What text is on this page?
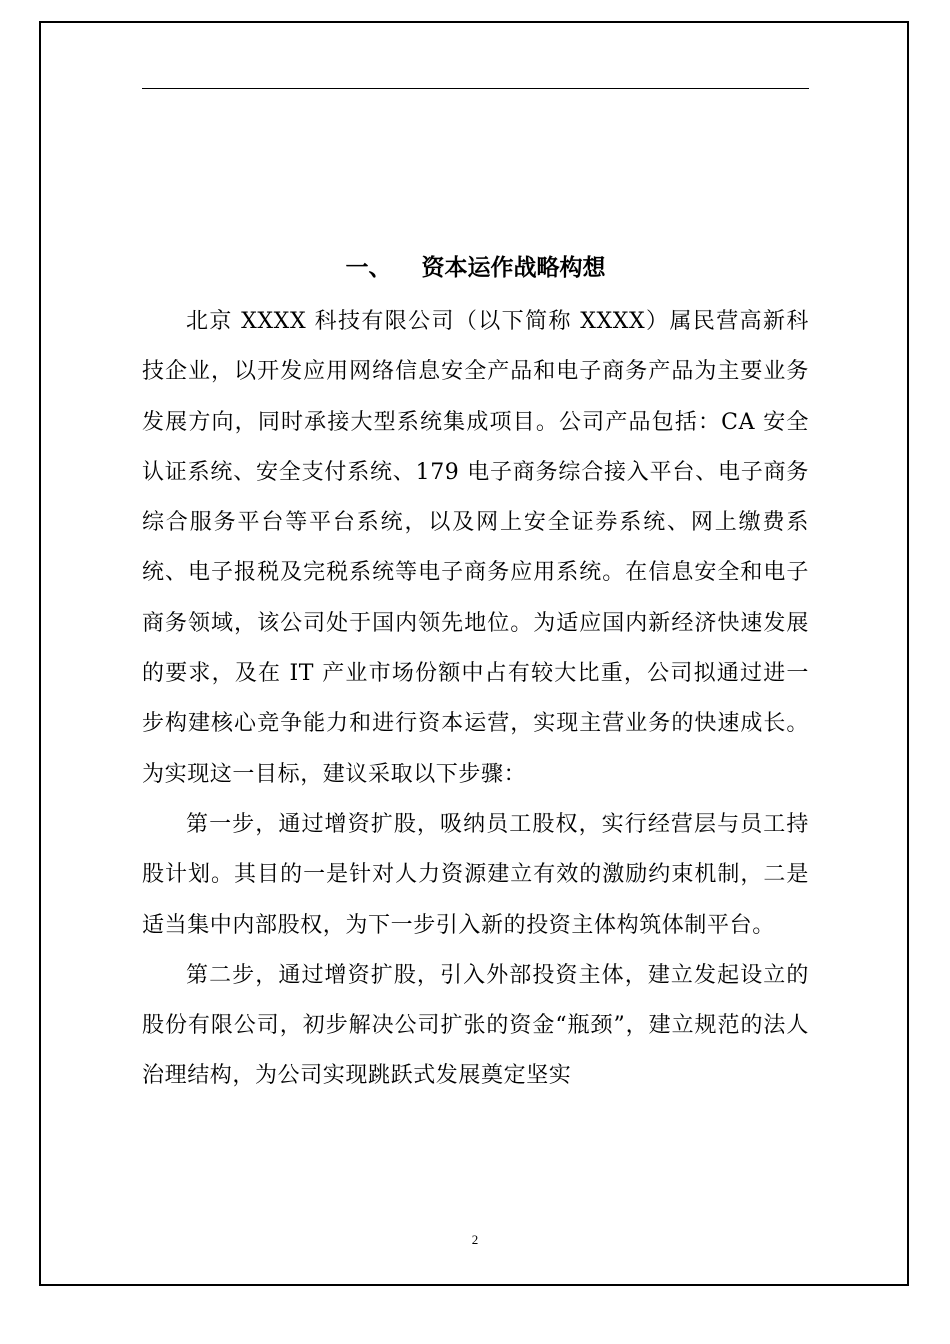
一、 资本运作战略构想

北京 XXXX 科技有限公司（以下简称 XXXX）属民营高新科技企业，以开发应用网络信息安全产品和电子商务产品为主要业务发展方向，同时承接大型系统集成项目。公司产品包括：CA 安全认证系统、安全支付系统、179 电子商务综合接入平台、电子商务综合服务平台等平台系统，以及网上安全证券系统、网上缴费系统、电子报税及完税系统等电子商务应用系统。在信息安全和电子商务领域，该公司处于国内领先地位。为适应国内新经济快速发展的要求，及在 IT 产业市场份额中占有较大比重，公司拟通过进一步构建核心竞争能力和进行资本运营，实现主营业务的快速成长。为实现这一目标，建议采取以下步骤：

第一步，通过增资扩股，吸纳员工股权，实行经营层与员工持股计划。其目的一是针对人力资源建立有效的激励约束机制，二是适当集中内部股权，为下一步引入新的投资主体构筑体制平台。

第二步，通过增资扩股，引入外部投资主体，建立发起设立的股份有限公司，初步解决公司扩张的资金“瓶颈”，建立规范的法人治理结构，为公司实现跳跃式发展奠定坚实

2
